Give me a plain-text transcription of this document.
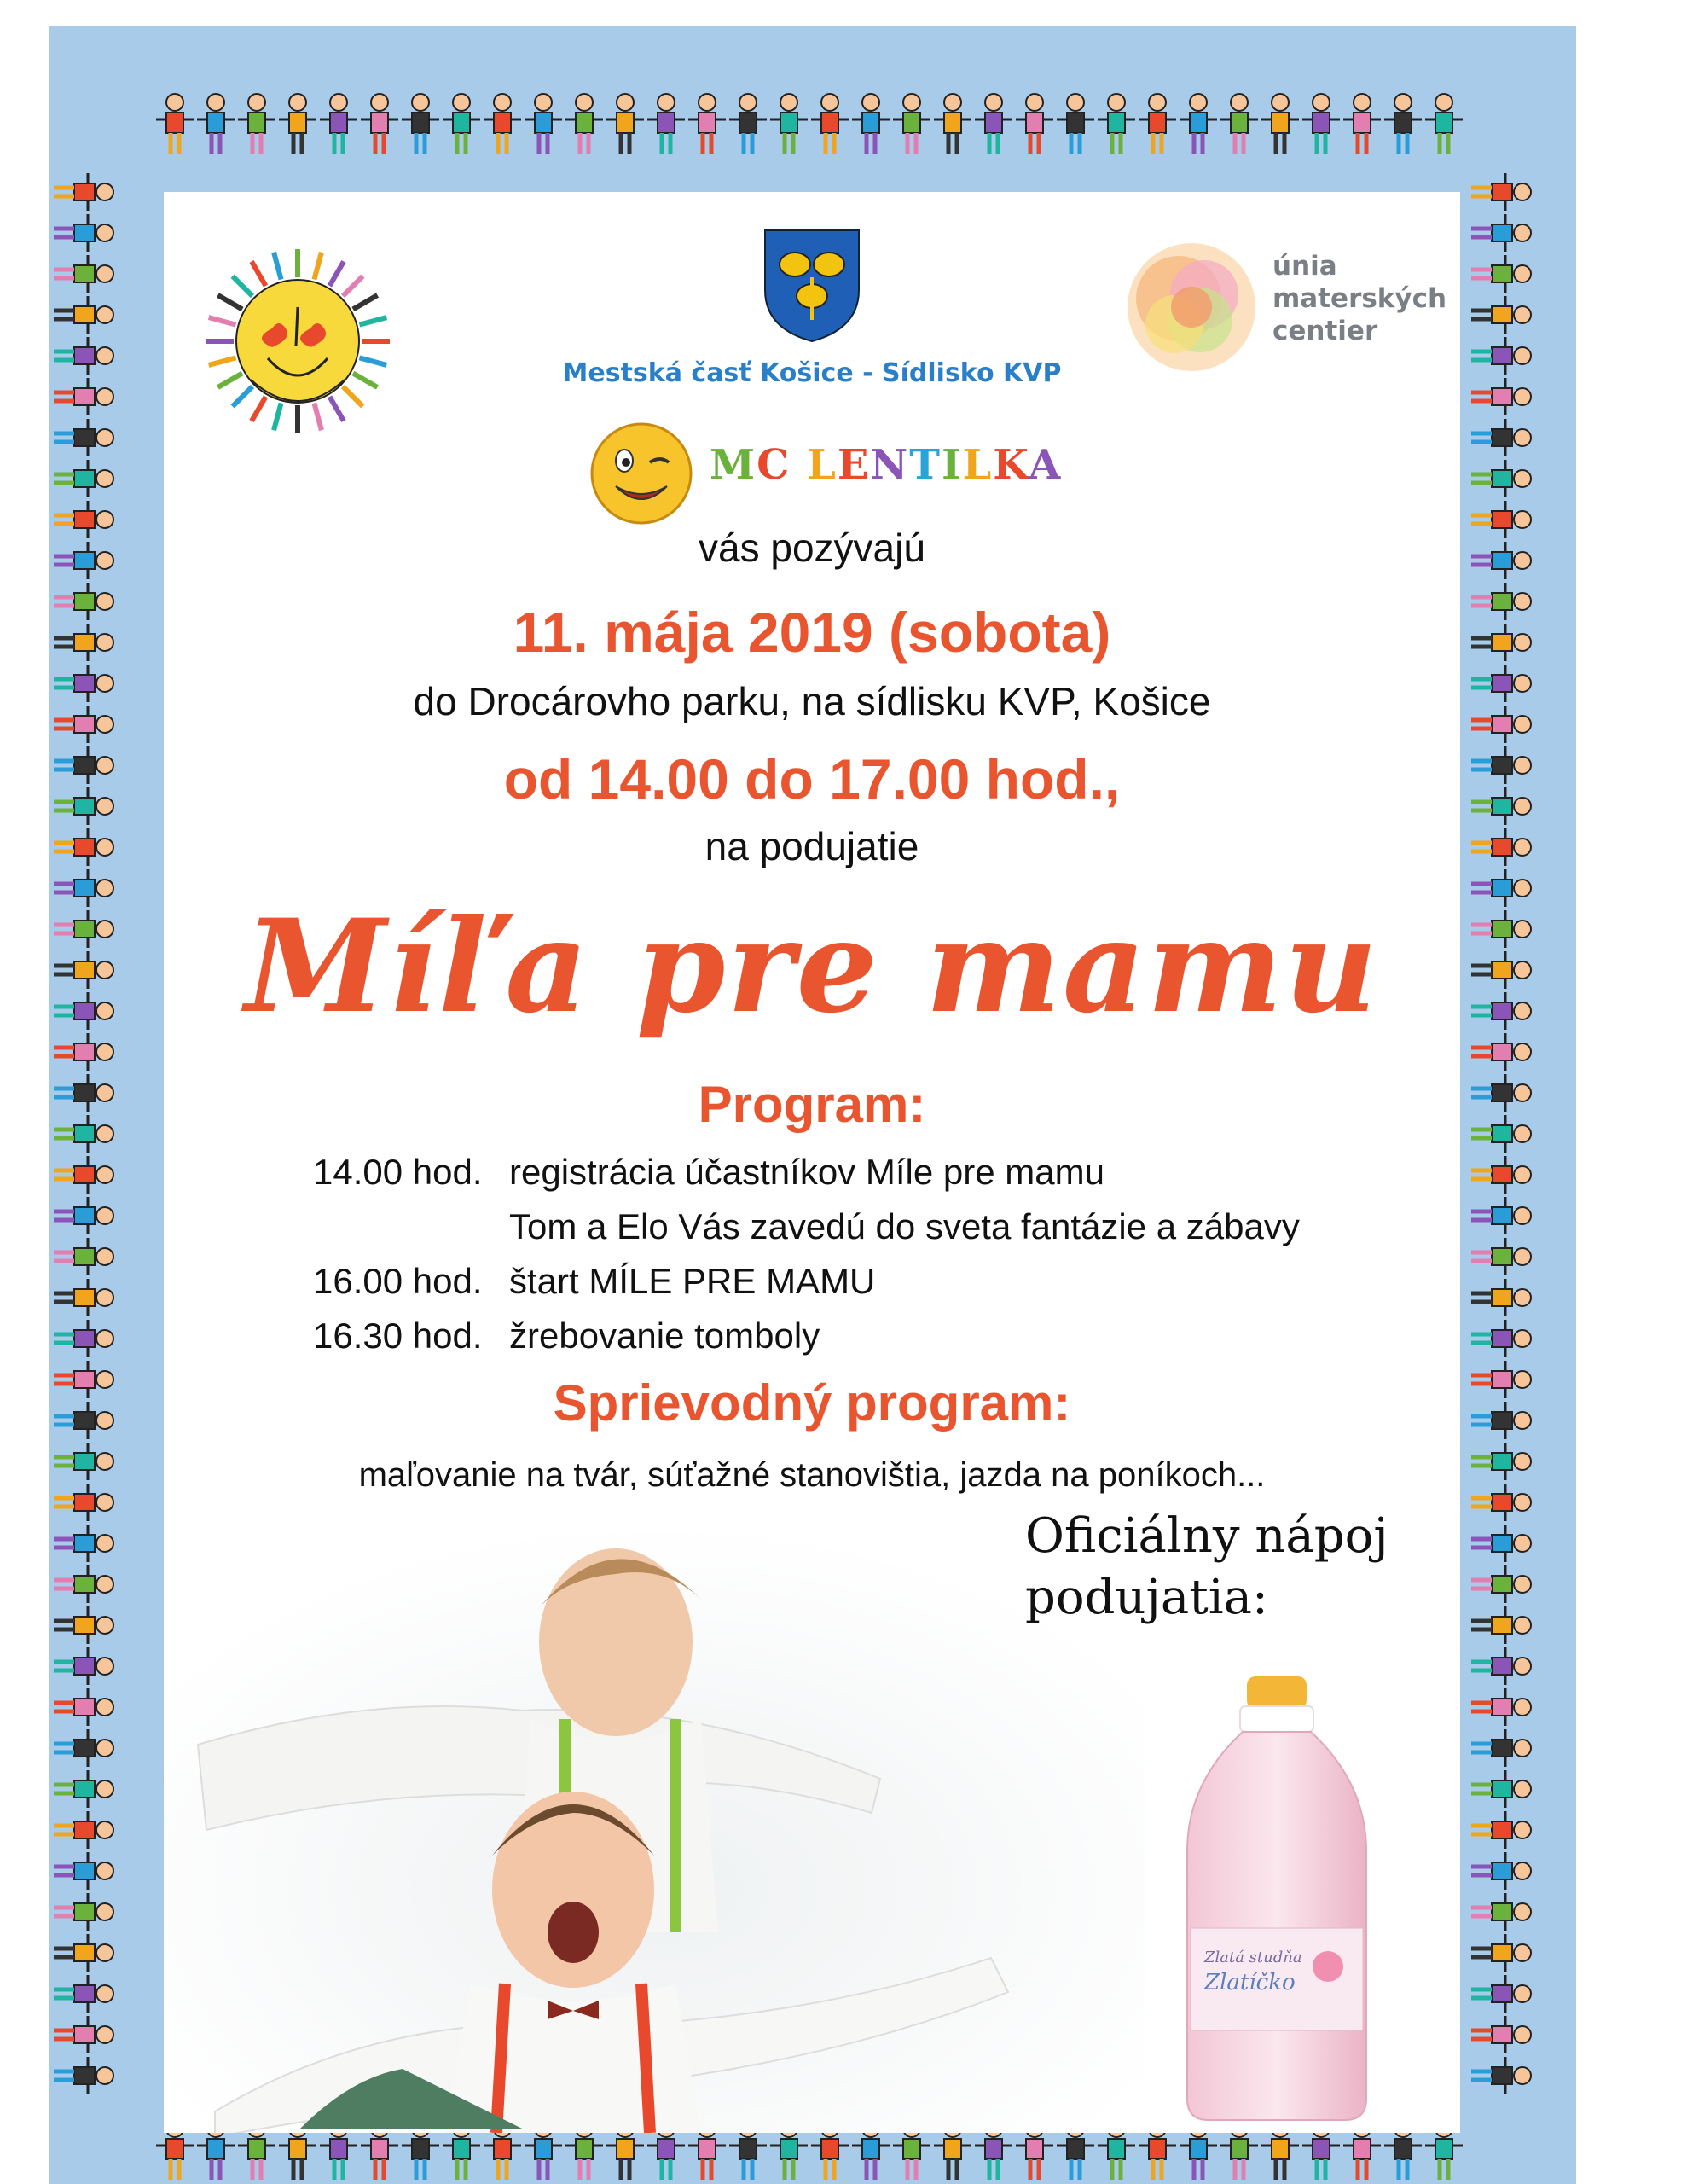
Mestská časť Košice - Sídlisko KVP
únia
materských
centier
MC LENTILKA
vás pozývajú
11. mája 2019 (sobota)
do Drocárovho parku, na sídlisku KVP, Košice
od 14.00 do 17.00 hod.,
na podujatie
Míľa pre mamu
Program:
14.00 hod. registrácia účastníkov Míle pre mamu
Tom a Elo Vás zavedú do sveta fantázie a zábavy
16.00 hod. štart MÍLE PRE MAMU
16.30 hod. žrebovanie tomboly
Sprievodný program:
maľovanie na tvár, súťažné stanovištia, jazda na poníkoch...
Oficiálny nápoj
podujatia:
Zlatá studňa
Zlatíčko
